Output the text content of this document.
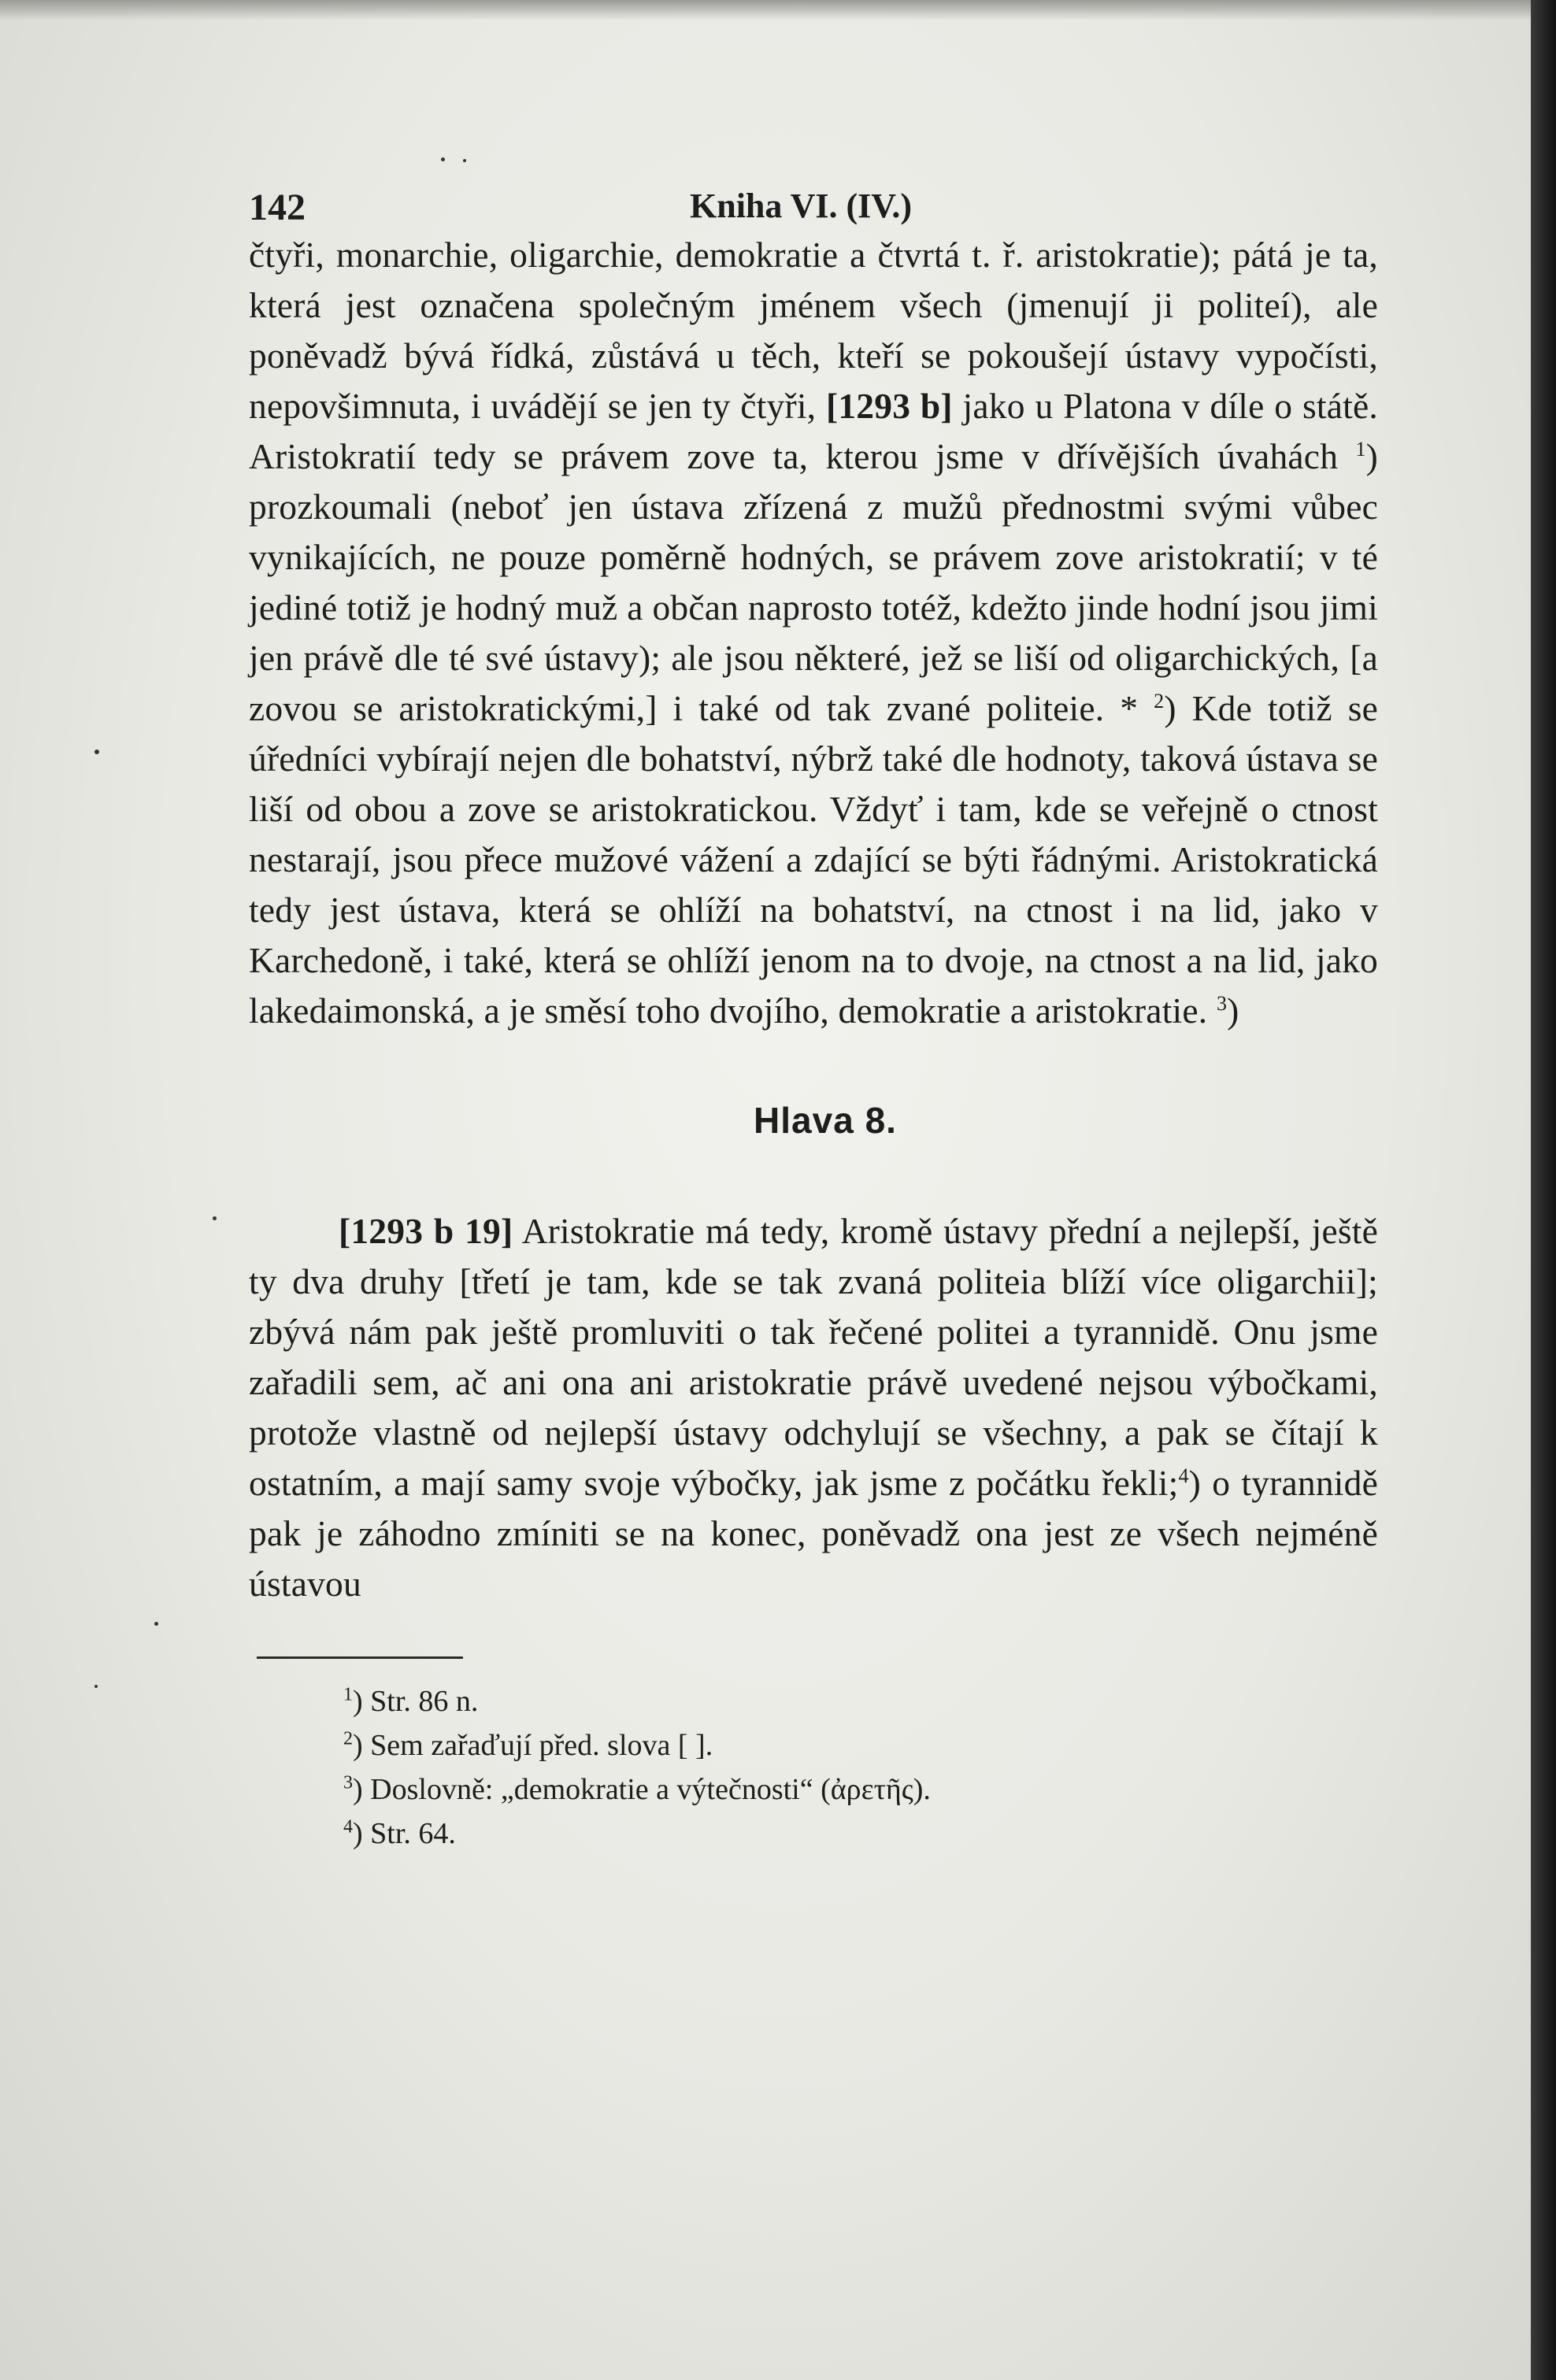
142	Kniha VI. (IV.)

čtyři, monarchie, oligarchie, demokratie a čtvrtá t. ř. aristokratie); pátá je ta, která jest označena společným jménem všech (jmenují ji politeí), ale poněvadž bývá řídká, zůstává u těch, kteří se pokoušejí ústavy vypočísti, nepovšimnuta, i uvádějí se jen ty čtyři, [1293 b] jako u Platona v díle o státě. Aristokratií tedy se právem zove ta, kterou jsme v dřívějších úvahách $^1$) prozkoumali (neboť jen ústava zřízená z mužů přednostmi svými vůbec vynikajících, ne pouze poměrně hodných, se právem zove aristokratií; v té jediné totiž je hodný muž a občan naprosto totéž, kdežto jinde hodní jsou jimi jen právě dle té své ústavy); ale jsou některé, jež se liší od oligarchických, [a zovou se aristokratickými,] i také od tak zvané politeie. * $^2$) Kde totiž se úředníci vybírají nejen dle bohatství, nýbrž také dle hodnoty, taková ústava se liší od obou a zove se aristokratickou. Vždyť i tam, kde se veřejně o ctnost nestarají, jsou přece mužové vážení a zdající se býti řádnými. Aristokratická tedy jest ústava, která se ohlíží na bohatství, na ctnost i na lid, jako v Karchedoně, i také, která se ohlíží jenom na to dvoje, na ctnost a na lid, jako lakedaimonská, a je směsí toho dvojího, demokratie a aristokratie. $^3$)

Hlava 8.

[1293 b 19] Aristokratie má tedy, kromě ústavy přední a nejlepší, ještě ty dva druhy [třetí je tam, kde se tak zvaná politeia blíží více oligarchii]; zbývá nám pak ještě promluviti o tak řečené politei a tyrannidě. Onu jsme zařadili sem, ač ani ona ani aristokratie právě uvedené nejsou výbočkami, protože vlastně od nejlepší ústavy odchylují se všechny, a pak se čítají k ostatním, a mají samy svoje výbočky, jak jsme z počátku řekli;$^4$) o tyrannidě pak je záhodno zmíniti se na konec, poněvadž ona jest ze všech nejméně ústavou

$^1$) Str. 86 n.
$^2$) Sem zařaďují před. slova [ ].
$^3$) Doslovně: „demokratie a výtečnosti“ (ἀρετῆς).
$^4$) Str. 64.
